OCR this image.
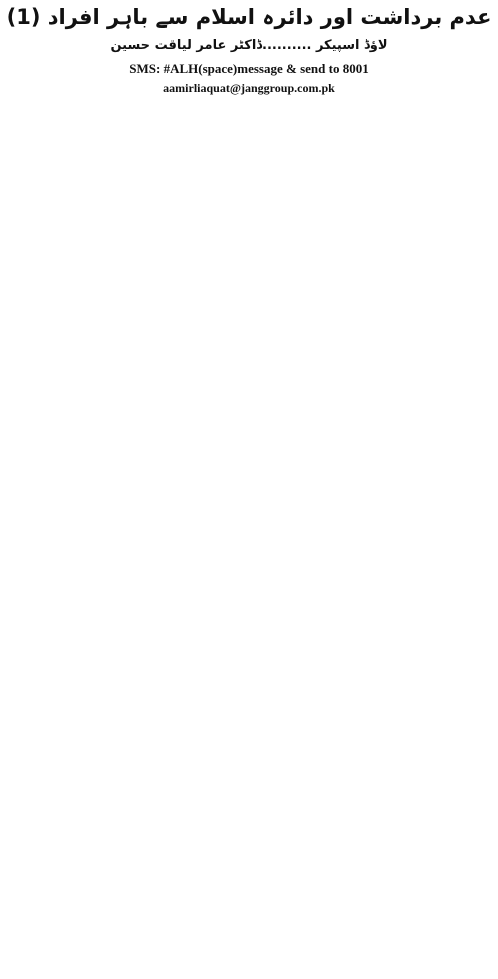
عدم برداشت اور دائرہ اسلام سے باہر افراد (1)
لاؤڈ اسپیکر ..........ڈاکٹر عامر لیاقت حسین
SMS: #ALH(space)message & send to 8001
aamirliaquat@janggroup.com.pk
